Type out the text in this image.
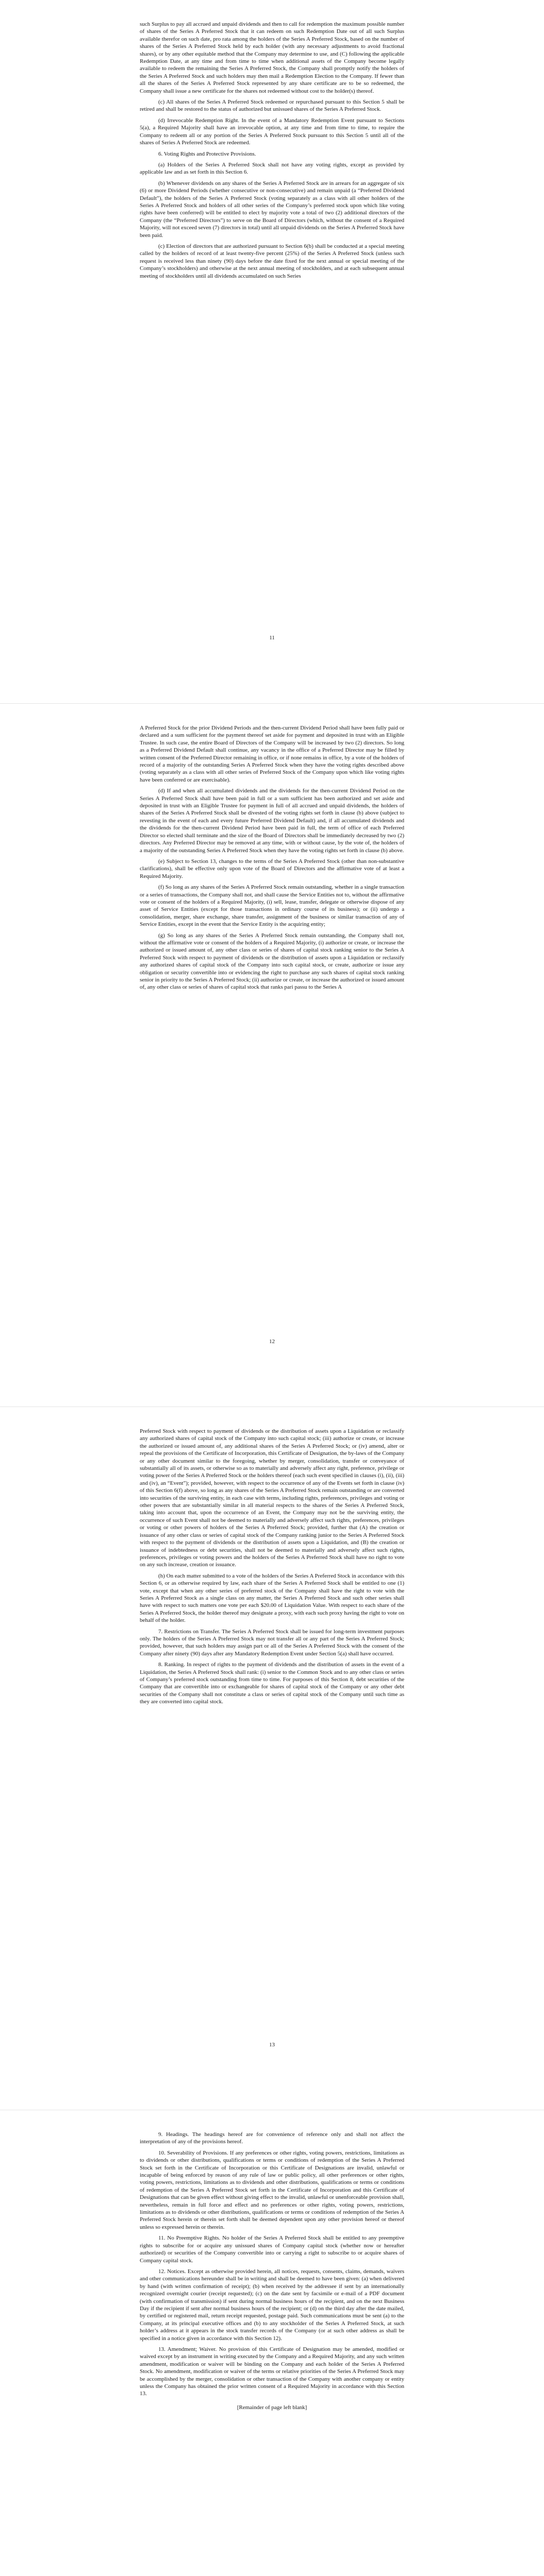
such Surplus to pay all accrued and unpaid dividends and then to call for redemption the maximum possible number of shares of the Series A Preferred Stock that it can redeem on such Redemption Date out of all such Surplus available therefor on such date, pro rata among the holders of the Series A Preferred Stock, based on the number of shares of the Series A Preferred Stock held by each holder (with any necessary adjustments to avoid fractional shares), or by any other equitable method that the Company may determine to use, and (C) following the applicable Redemption Date, at any time and from time to time when additional assets of the Company become legally available to redeem the remaining the Series A Preferred Stock, the Company shall promptly notify the holders of the Series A Preferred Stock and such holders may then mail a Redemption Election to the Company. If fewer than all the shares of the Series A Preferred Stock represented by any share certificate are to be so redeemed, the Company shall issue a new certificate for the shares not redeemed without cost to the holder(s) thereof.

(c) All shares of the Series A Preferred Stock redeemed or repurchased pursuant to this Section 5 shall be retired and shall be restored to the status of authorized but unissued shares of the Series A Preferred Stock.

(d) Irrevocable Redemption Right. In the event of a Mandatory Redemption Event pursuant to Sections 5(a), a Required Majority shall have an irrevocable option, at any time and from time to time, to require the Company to redeem all or any portion of the Series A Preferred Stock pursuant to this Section 5 until all of the shares of Series A Preferred Stock are redeemed.

6. Voting Rights and Protective Provisions.

(a) Holders of the Series A Preferred Stock shall not have any voting rights, except as provided by applicable law and as set forth in this Section 6.

(b) Whenever dividends on any shares of the Series A Preferred Stock are in arrears for an aggregate of six (6) or more Dividend Periods (whether consecutive or non-consecutive) and remain unpaid (a “Preferred Dividend Default”), the holders of the Series A Preferred Stock (voting separately as a class with all other holders of the Series A Preferred Stock and holders of all other series of the Company’s preferred stock upon which like voting rights have been conferred) will be entitled to elect by majority vote a total of two (2) additional directors of the Company (the “Preferred Directors”) to serve on the Board of Directors (which, without the consent of a Required Majority, will not exceed seven (7) directors in total) until all unpaid dividends on the Series A Preferred Stock have been paid.

(c) Election of directors that are authorized pursuant to Section 6(b) shall be conducted at a special meeting called by the holders of record of at least twenty-five percent (25%) of the Series A Preferred Stock (unless such request is received less than ninety (90) days before the date fixed for the next annual or special meeting of the Company’s stockholders) and otherwise at the next annual meeting of stockholders, and at each subsequent annual meeting of stockholders until all dividends accumulated on such Series

11

A Preferred Stock for the prior Dividend Periods and the then-current Dividend Period shall have been fully paid or declared and a sum sufficient for the payment thereof set aside for payment and deposited in trust with an Eligible Trustee. In such case, the entire Board of Directors of the Company will be increased by two (2) directors. So long as a Preferred Dividend Default shall continue, any vacancy in the office of a Preferred Director may be filled by written consent of the Preferred Director remaining in office, or if none remains in office, by a vote of the holders of record of a majority of the outstanding Series A Preferred Stock when they have the voting rights described above (voting separately as a class with all other series of Preferred Stock of the Company upon which like voting rights have been conferred or are exercisable).

(d) If and when all accumulated dividends and the dividends for the then-current Dividend Period on the Series A Preferred Stock shall have been paid in full or a sum sufficient has been authorized and set aside and deposited in trust with an Eligible Trustee for payment in full of all accrued and unpaid dividends, the holders of shares of the Series A Preferred Stock shall be divested of the voting rights set forth in clause (b) above (subject to revesting in the event of each and every future Preferred Dividend Default) and, if all accumulated dividends and the dividends for the then-current Dividend Period have been paid in full, the term of office of each Preferred Director so elected shall terminate and the size of the Board of Directors shall be immediately decreased by two (2) directors. Any Preferred Director may be removed at any time, with or without cause, by the vote of, the holders of a majority of the outstanding Series A Preferred Stock when they have the voting rights set forth in clause (b) above.

(e) Subject to Section 13, changes to the terms of the Series A Preferred Stock (other than non-substantive clarifications), shall be effective only upon vote of the Board of Directors and the affirmative vote of at least a Required Majority.

(f) So long as any shares of the Series A Preferred Stock remain outstanding, whether in a single transaction or a series of transactions, the Company shall not, and shall cause the Service Entities not to, without the affirmative vote or consent of the holders of a Required Majority, (i) sell, lease, transfer, delegate or otherwise dispose of any asset of Service Entities (except for those transactions in ordinary course of its business); or (ii) undergo a consolidation, merger, share exchange, share transfer, assignment of the business or similar transaction of any of Service Entities, except in the event that the Service Entity is the acquiring entity;

(g) So long as any shares of the Series A Preferred Stock remain outstanding, the Company shall not, without the affirmative vote or consent of the holders of a Required Majority, (i) authorize or create, or increase the authorized or issued amount of, any other class or series of shares of capital stock ranking senior to the Series A Preferred Stock with respect to payment of dividends or the distribution of assets upon a Liquidation or reclassify any authorized shares of capital stock of the Company into such capital stock, or create, authorize or issue any obligation or security convertible into or evidencing the right to purchase any such shares of capital stock ranking senior in priority to the Series A Preferred Stock; (ii) authorize or create, or increase the authorized or issued amount of, any other class or series of shares of capital stock that ranks pari passu to the Series A

12

Preferred Stock with respect to payment of dividends or the distribution of assets upon a Liquidation or reclassify any authorized shares of capital stock of the Company into such capital stock; (iii) authorize or create, or increase the authorized or issued amount of, any additional shares of the Series A Preferred Stock; or (iv) amend, alter or repeal the provisions of the Certificate of Incorporation, this Certificate of Designation, the by-laws of the Company or any other document similar to the foregoing, whether by merger, consolidation, transfer or conveyance of substantially all of its assets, or otherwise so as to materially and adversely affect any right, preference, privilege or voting power of the Series A Preferred Stock or the holders thereof (each such event specified in clauses (i), (ii), (iii) and (iv), an “Event”); provided, however, with respect to the occurrence of any of the Events set forth in clause (iv) of this Section 6(f) above, so long as any shares of the Series A Preferred Stock remain outstanding or are converted into securities of the surviving entity, in each case with terms, including rights, preferences, privileges and voting or other powers that are substantially similar in all material respects to the shares of the Series A Preferred Stock, taking into account that, upon the occurrence of an Event, the Company may not be the surviving entity, the occurrence of such Event shall not be deemed to materially and adversely affect such rights, preferences, privileges or voting or other powers of holders of the Series A Preferred Stock; provided, further that (A) the creation or issuance of any other class or series of capital stock of the Company ranking junior to the Series A Preferred Stock with respect to the payment of dividends or the distribution of assets upon a Liquidation, and (B) the creation or issuance of indebtedness or debt securities, shall not be deemed to materially and adversely affect such rights, preferences, privileges or voting powers and the holders of the Series A Preferred Stock shall have no right to vote on any such increase, creation or issuance.

(h) On each matter submitted to a vote of the holders of the Series A Preferred Stock in accordance with this Section 6, or as otherwise required by law, each share of the Series A Preferred Stock shall be entitled to one (1) vote, except that when any other series of preferred stock of the Company shall have the right to vote with the Series A Preferred Stock as a single class on any matter, the Series A Preferred Stock and such other series shall have with respect to such matters one vote per each $20.00 of Liquidation Value. With respect to each share of the Series A Preferred Stock, the holder thereof may designate a proxy, with each such proxy having the right to vote on behalf of the holder.

7. Restrictions on Transfer. The Series A Preferred Stock shall be issued for long-term investment purposes only. The holders of the Series A Preferred Stock may not transfer all or any part of the Series A Preferred Stock; provided, however, that such holders may assign part or all of the Series A Preferred Stock with the consent of the Company after ninety (90) days after any Mandatory Redemption Event under Section 5(a) shall have occurred.

8. Ranking. In respect of rights to the payment of dividends and the distribution of assets in the event of a Liquidation, the Series A Preferred Stock shall rank: (i) senior to the Common Stock and to any other class or series of Company’s preferred stock outstanding from time to time. For purposes of this Section 8, debt securities of the Company that are convertible into or exchangeable for shares of capital stock of the Company or any other debt securities of the Company shall not constitute a class or series of capital stock of the Company until such time as they are converted into capital stock.

13

9. Headings. The headings hereof are for convenience of reference only and shall not affect the interpretation of any of the provisions hereof.

10. Severability of Provisions. If any preferences or other rights, voting powers, restrictions, limitations as to dividends or other distributions, qualifications or terms or conditions of redemption of the Series A Preferred Stock set forth in the Certificate of Incorporation or this Certificate of Designations are invalid, unlawful or incapable of being enforced by reason of any rule of law or public policy, all other preferences or other rights, voting powers, restrictions, limitations as to dividends and other distributions, qualifications or terms or conditions of redemption of the Series A Preferred Stock set forth in the Certificate of Incorporation and this Certificate of Designations that can be given effect without giving effect to the invalid, unlawful or unenforceable provision shall, nevertheless, remain in full force and effect and no preferences or other rights, voting powers, restrictions, limitations as to dividends or other distributions, qualifications or terms or conditions of redemption of the Series A Preferred Stock herein or therein set forth shall be deemed dependent upon any other provision hereof or thereof unless so expressed herein or therein.

11. No Preemptive Rights. No holder of the Series A Preferred Stock shall be entitled to any preemptive rights to subscribe for or acquire any unissued shares of Company capital stock (whether now or hereafter authorized) or securities of the Company convertible into or carrying a right to subscribe to or acquire shares of Company capital stock.

12. Notices. Except as otherwise provided herein, all notices, requests, consents, claims, demands, waivers and other communications hereunder shall be in writing and shall be deemed to have been given: (a) when delivered by hand (with written confirmation of receipt); (b) when received by the addressee if sent by an internationally recognized overnight courier (receipt requested); (c) on the date sent by facsimile or e-mail of a PDF document (with confirmation of transmission) if sent during normal business hours of the recipient, and on the next Business Day if the recipient if sent after normal business hours of the recipient; or (d) on the third day after the date mailed, by certified or registered mail, return receipt requested, postage paid. Such communications must be sent (a) to the Company, at its principal executive offices and (b) to any stockholder of the Series A Preferred Stock, at such holder’s address at it appears in the stock transfer records of the Company (or at such other address as shall be specified in a notice given in accordance with this Section 12).

13. Amendment; Waiver. No provision of this Certificate of Designation may be amended, modified or waived except by an instrument in writing executed by the Company and a Required Majority, and any such written amendment, modification or waiver will be binding on the Company and each holder of the Series A Preferred Stock. No amendment, modification or waiver of the terms or relative priorities of the Series A Preferred Stock may be accomplished by the merger, consolidation or other transaction of the Company with another company or entity unless the Company has obtained the prior written consent of a Required Majority in accordance with this Section 13.

[Remainder of page left blank]
